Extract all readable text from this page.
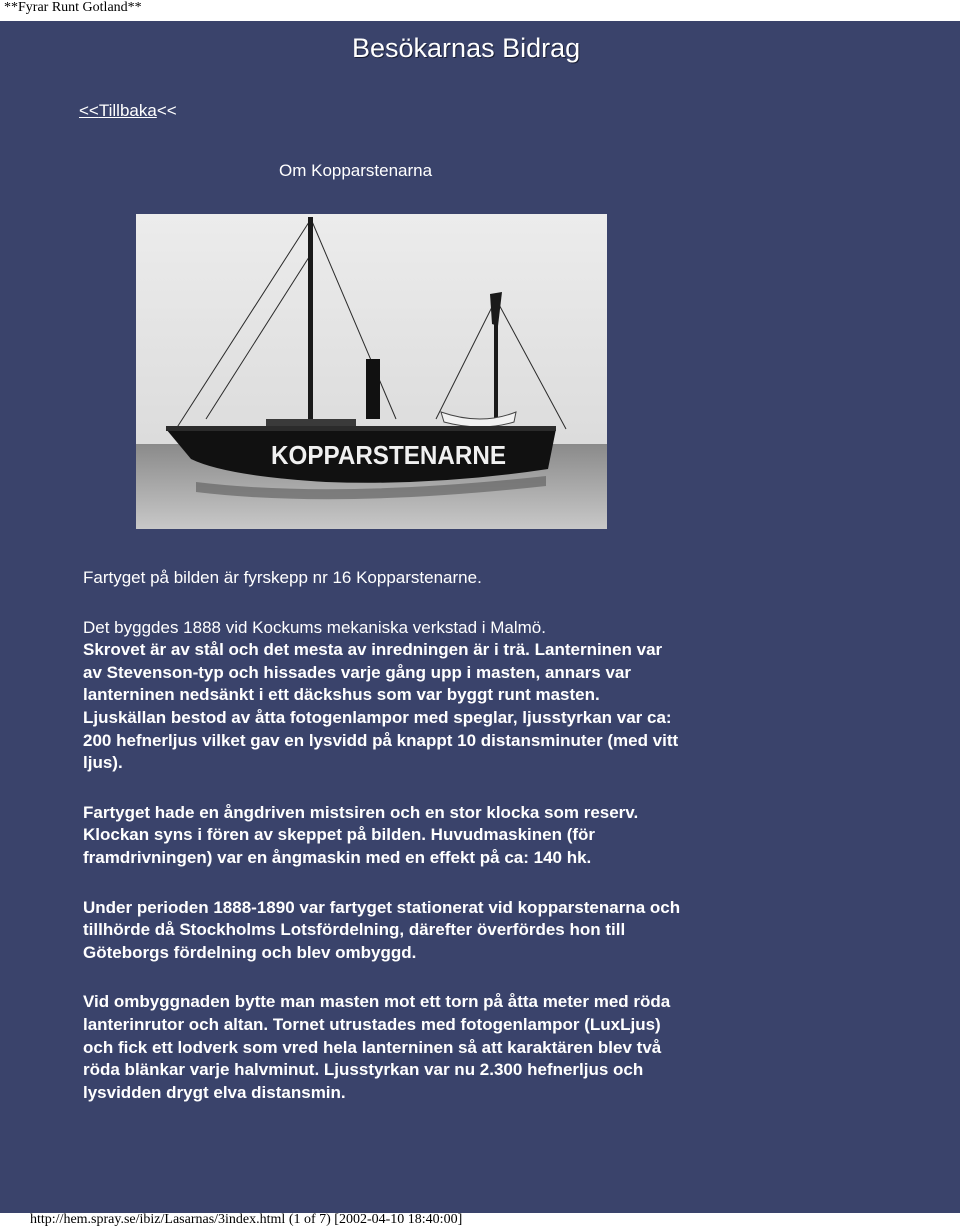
**Fyrar Runt Gotland**
Besökarnas Bidrag
<<Tillbaka<<
Om Kopparstenarna
KOPPARSTENARNE

Fartyget på bilden är fyrskepp nr 16 Kopparstenarne.

Det byggdes 1888 vid Kockums mekaniska verkstad i Malmö.

Skrovet är av stål och det mesta av inredningen är i trä. Lanterninen var av Stevenson-typ och hissades varje gång upp i masten, annars var lanterninen nedsänkt i ett däckshus som var byggt runt masten. Ljuskällan bestod av åtta fotogenlampor med speglar, ljusstyrkan var ca: 200 hefnerljus vilket gav en lysvidd på knappt 10 distansminuter (med vitt ljus).

Fartyget hade en ångdriven mistsiren och en stor klocka som reserv. Klockan syns i fören av skeppet på bilden. Huvudmaskinen (för framdrivningen) var en ångmaskin med en effekt på ca: 140 hk.

Under perioden 1888-1890 var fartyget stationerat vid kopparstenarna och tillhörde då Stockholms Lotsfördelning, därefter överfördes hon till Göteborgs fördelning och blev ombyggd.

Vid ombyggnaden bytte man masten mot ett torn på åtta meter med röda lanterinrutor och altan. Tornet utrustades med fotogenlampor (LuxLjus) och fick ett lodverk som vred hela lanterninen så att karaktären blev två röda blänkar varje halvminut. Ljusstyrkan var nu 2.300 hefnerljus och lysvidden drygt elva distansmin.

http://hem.spray.se/ibiz/Lasarnas/3index.html (1 of 7) [2002-04-10 18:40:00]
